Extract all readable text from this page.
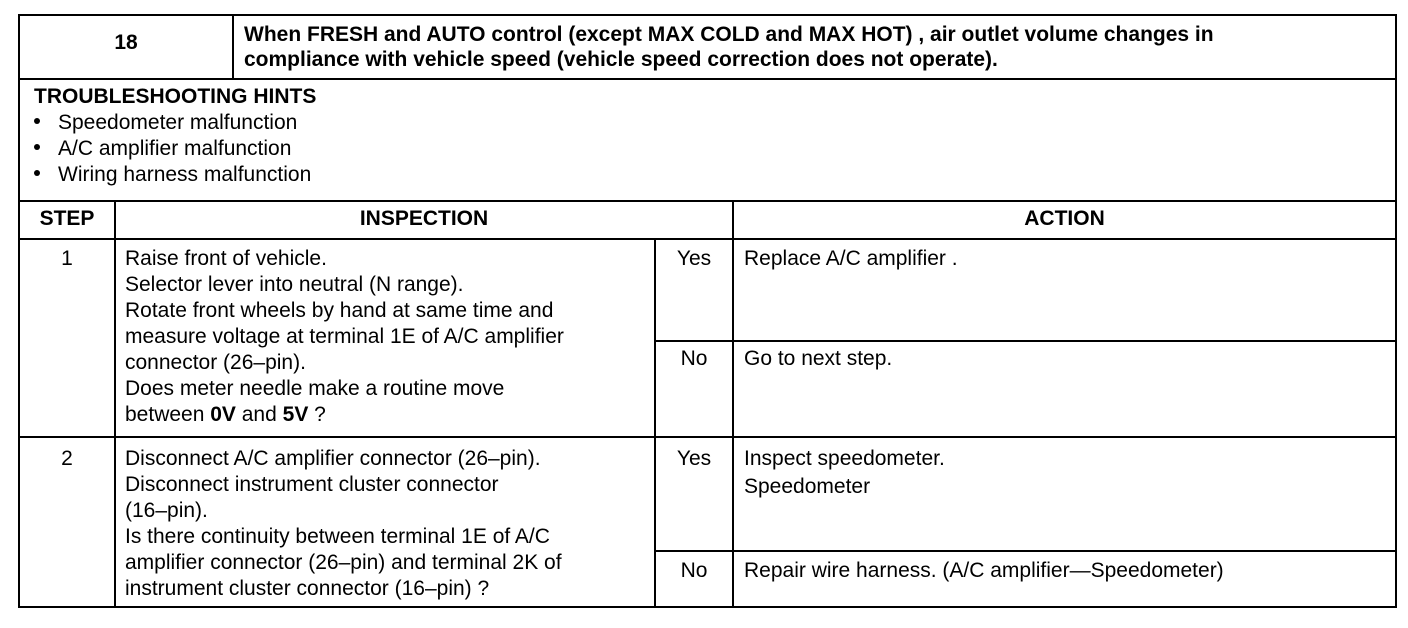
18	When FRESH and AUTO control (except MAX COLD and MAX HOT) , air outlet volume changes in
compliance with vehicle speed (vehicle speed correction does not operate).
TROUBLESHOOTING HINTS
Speedometer malfunction
A/C amplifier malfunction
Wiring harness malfunction
STEP	INSPECTION	ACTION
1	Raise front of vehicle.
Selector lever into neutral (N range).
Rotate front wheels by hand at same time and
measure voltage at terminal 1E of A/C amplifier
connector (26–pin).
Does meter needle make a routine move
between 0V and 5V ?
Yes	Replace A/C amplifier .
No	Go to next step.
2	Disconnect A/C amplifier connector (26–pin).
Disconnect instrument cluster connector
(16–pin).
Is there continuity between terminal 1E of A/C
amplifier connector (26–pin) and terminal 2K of
instrument cluster connector (16–pin) ?
Yes	Inspect speedometer.
Speedometer
No	Repair wire harness. (A/C amplifier—Speedometer)
